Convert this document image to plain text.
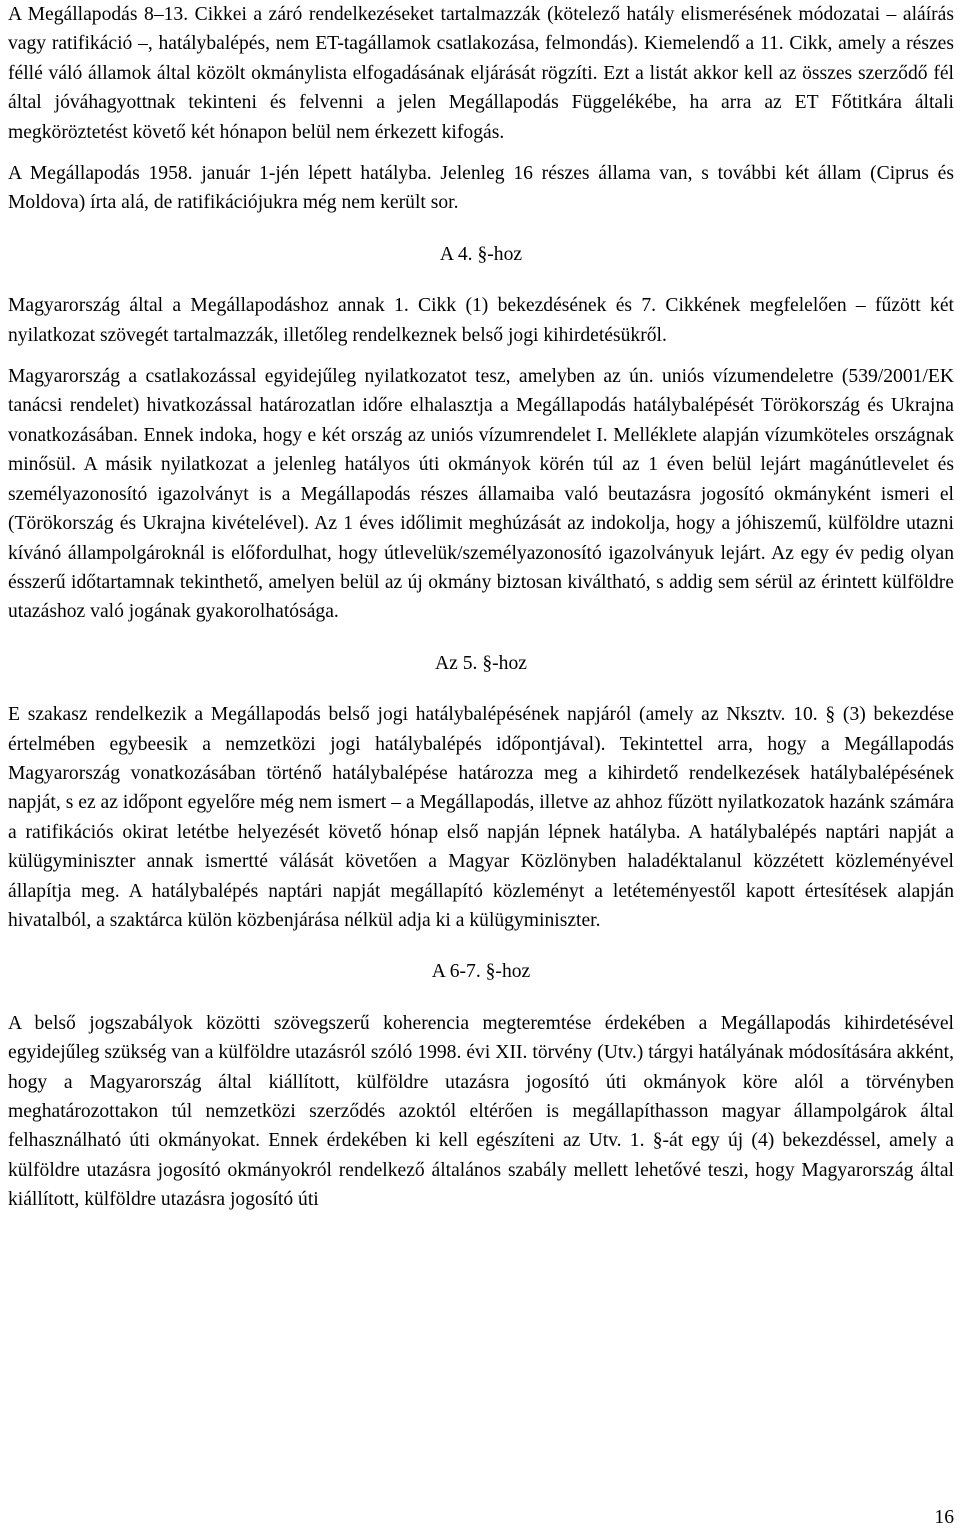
A Megállapodás 8–13. Cikkei a záró rendelkezéseket tartalmazzák (kötelező hatály elismerésének módozatai – aláírás vagy ratifikáció –, hatálybalépés, nem ET-tagállamok csatlakozása, felmondás). Kiemelendő a 11. Cikk, amely a részes féllé váló államok által közölt okmánylista elfogadásának eljárását rögzíti. Ezt a listát akkor kell az összes szerződő fél által jóváhagyottnak tekinteni és felvenni a jelen Megállapodás Függelékébe, ha arra az ET Főtitkára általi megköröztetést követő két hónapon belül nem érkezett kifogás.

A Megállapodás 1958. január 1-jén lépett hatályba. Jelenleg 16 részes állama van, s további két állam (Ciprus és Moldova) írta alá, de ratifikációjukra még nem került sor.

A 4. §-hoz

Magyarország által a Megállapodáshoz annak 1. Cikk (1) bekezdésének és 7. Cikkének megfelelően – fűzött két nyilatkozat szövegét tartalmazzák, illetőleg rendelkeznek belső jogi kihirdetésükről.

Magyarország a csatlakozással egyidejűleg nyilatkozatot tesz, amelyben az ún. uniós vízumendeletre (539/2001/EK tanácsi rendelet) hivatkozással határozatlan időre elhalasztja a Megállapodás hatálybalépését Törökország és Ukrajna vonatkozásában. Ennek indoka, hogy e két ország az uniós vízumrendelet I. Melléklete alapján vízumköteles országnak minősül. A másik nyilatkozat a jelenleg hatályos úti okmányok körén túl az 1 éven belül lejárt magánútlevelet és személyazonosító igazolványt is a Megállapodás részes államaiba való beutazásra jogosító okmányként ismeri el (Törökország és Ukrajna kivételével). Az 1 éves időlimit meghúzását az indokolja, hogy a jóhiszemű, külföldre utazni kívánó állampolgároknál is előfordulhat, hogy útlevelük/személyazonosító igazolványuk lejárt. Az egy év pedig olyan ésszerű időtartamnak tekinthető, amelyen belül az új okmány biztosan kiváltható, s addig sem sérül az érintett külföldre utazáshoz való jogának gyakorolhatósága.

Az 5. §-hoz

E szakasz rendelkezik a Megállapodás belső jogi hatálybalépésének napjáról (amely az Nksztv. 10. § (3) bekezdése értelmében egybeesik a nemzetközi jogi hatálybalépés időpontjával). Tekintettel arra, hogy a Megállapodás Magyarország vonatkozásában történő hatálybalépése határozza meg a kihirdető rendelkezések hatálybalépésének napját, s ez az időpont egyelőre még nem ismert – a Megállapodás, illetve az ahhoz fűzött nyilatkozatok hazánk számára a ratifikációs okirat letétbe helyezését követő hónap első napján lépnek hatályba. A hatálybalépés naptári napját a külügyminiszter annak ismertté válását követően a Magyar Közlönyben haladéktalanul közzétett közleményével állapítja meg. A hatálybalépés naptári napját megállapító közleményt a letéteményestől kapott értesítések alapján hivatalból, a szaktárca külön közbenjárása nélkül adja ki a külügyminiszter.

A 6-7. §-hoz

A belső jogszabályok közötti szövegszerű koherencia megteremtése érdekében a Megállapodás kihirdetésével egyidejűleg szükség van a külföldre utazásról szóló 1998. évi XII. törvény (Utv.) tárgyi hatályának módosítására akként, hogy a Magyarország által kiállított, külföldre utazásra jogosító úti okmányok köre alól a törvényben meghatározottakon túl nemzetközi szerződés azoktól eltérően is megállapíthasson magyar állampolgárok által felhasználható úti okmányokat. Ennek érdekében ki kell egészíteni az Utv. 1. §-át egy új (4) bekezdéssel, amely a külföldre utazásra jogosító okmányokról rendelkező általános szabály mellett lehetővé teszi, hogy Magyarország által kiállított, külföldre utazásra jogosító úti

16
